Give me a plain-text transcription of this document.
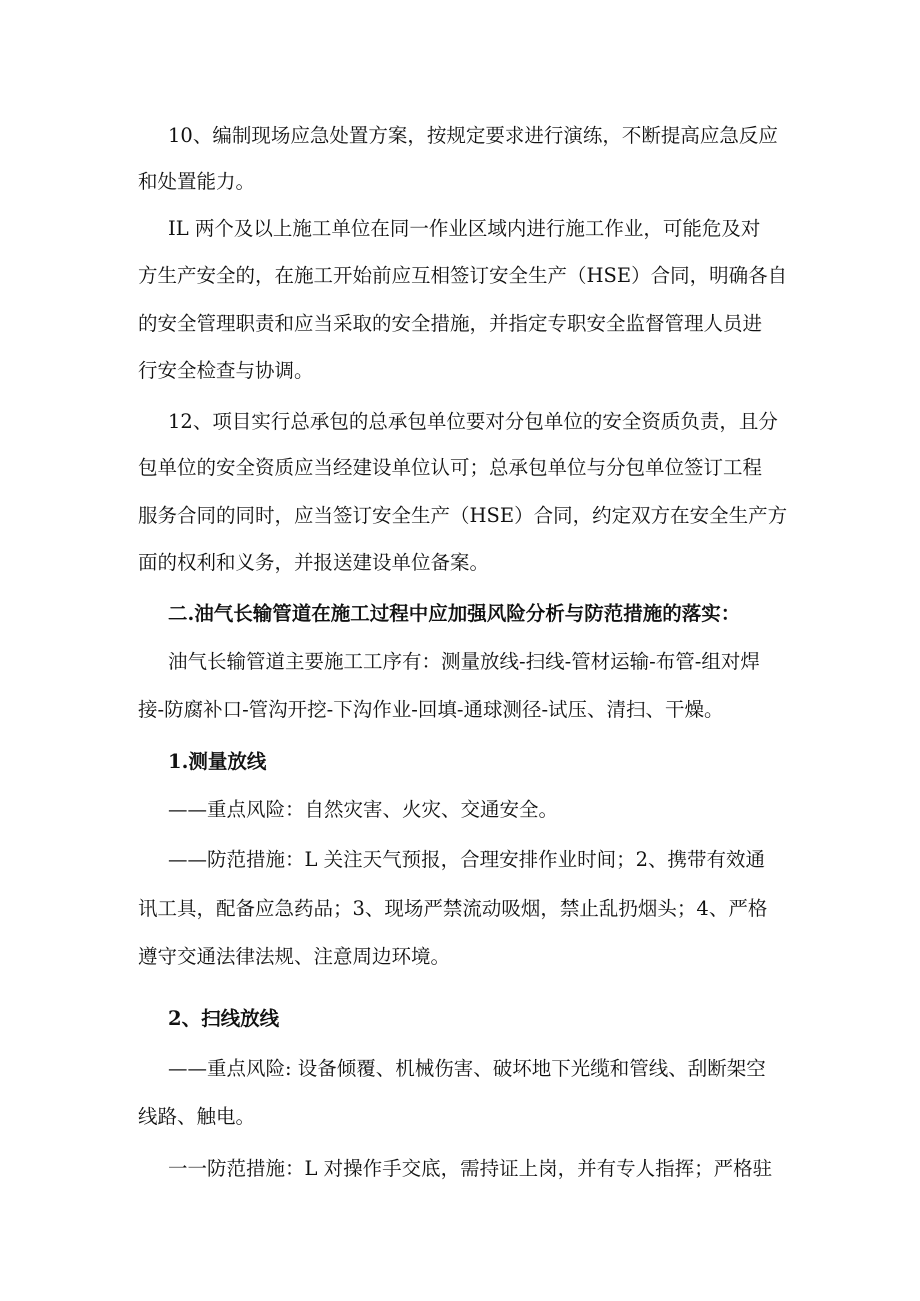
10、编制现场应急处置方案，按规定要求进行演练，不断提高应急反应
和处置能力。
IL 两个及以上施工单位在同一作业区域内进行施工作业，可能危及对
方生产安全的，在施工开始前应互相签订安全生产（HSE）合同，明确各自
的安全管理职责和应当采取的安全措施，并指定专职安全监督管理人员进
行安全检查与协调。
12、项目实行总承包的总承包单位要对分包单位的安全资质负责，且分
包单位的安全资质应当经建设单位认可；总承包单位与分包单位签订工程
服务合同的同时，应当签订安全生产（HSE）合同，约定双方在安全生产方
面的权利和义务，并报送建设单位备案。
二.油气长输管道在施工过程中应加强风险分析与防范措施的落实：
油气长输管道主要施工工序有：测量放线-扫线-管材运输-布管-组对焊
接-防腐补口-管沟开挖-下沟作业-回填-通球测径-试压、清扫、干燥。
1.测量放线
——重点风险：自然灾害、火灾、交通安全。
——防范措施：L 关注天气预报，合理安排作业时间；2、携带有效通
讯工具，配备应急药品；3、现场严禁流动吸烟，禁止乱扔烟头；4、严格
遵守交通法律法规、注意周边环境。
2、扫线放线
——重点风险: 设备倾覆、机械伤害、破坏地下光缆和管线、刮断架空
线路、触电。
一一防范措施：L 对操作手交底，需持证上岗，并有专人指挥；严格驻
